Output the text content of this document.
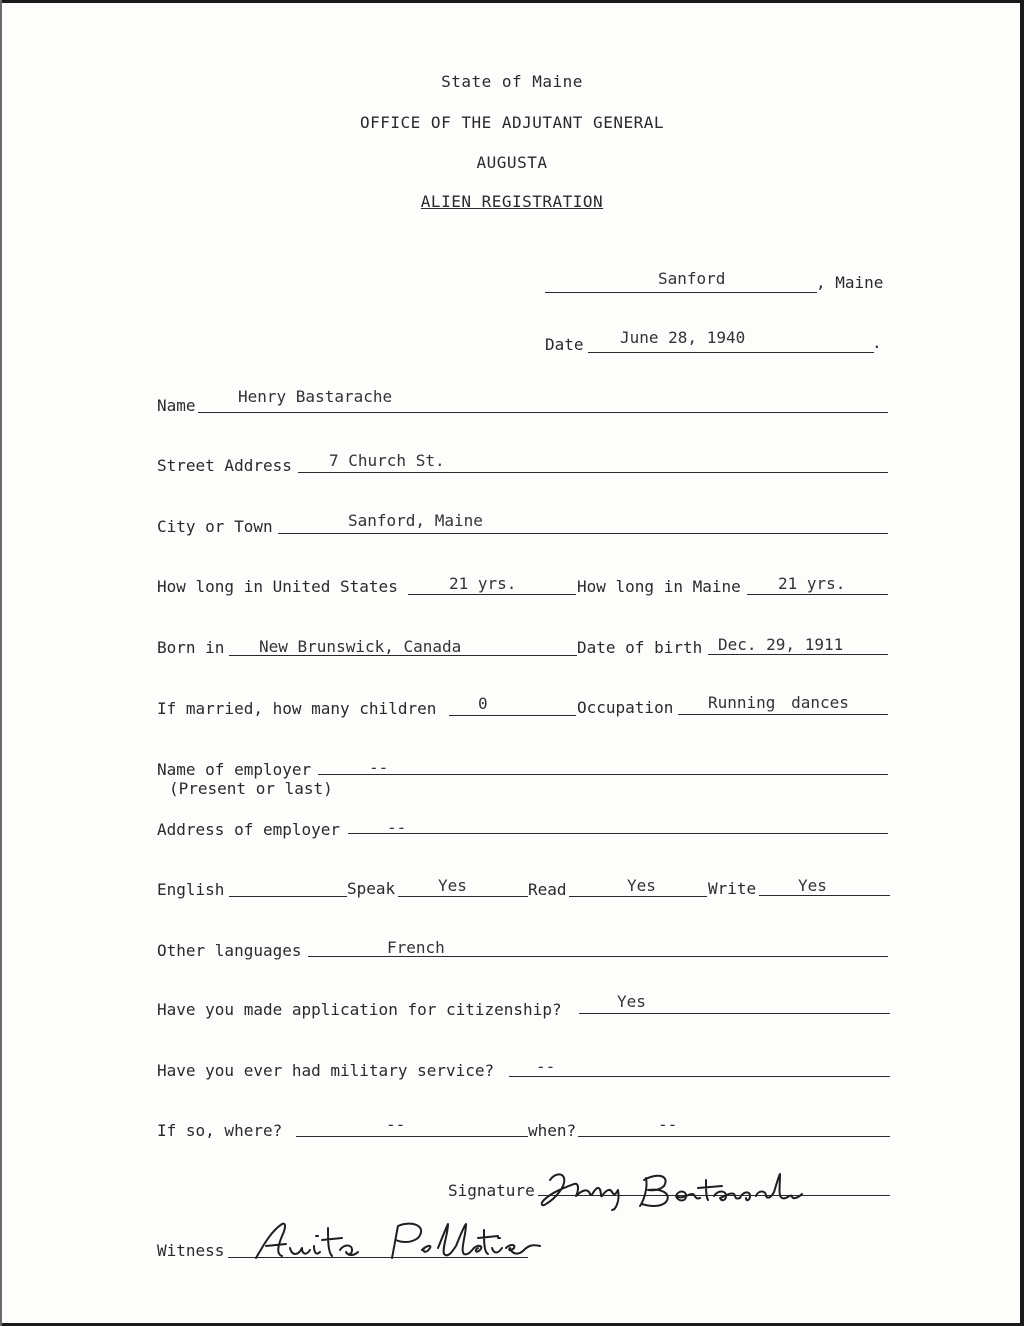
State of Maine
OFFICE OF THE ADJUTANT GENERAL
AUGUSTA
ALIEN REGISTRATION
Sanford	, Maine
Date June 28, 1940	.
Name	Henry Bastarache
Street Address 7 Church St.
City or Town	Sanford, Maine
How long in United States	21 yrs.	How long in Maine 21 yrs.
Born in New Brunswick, Canada	Date of birth Dec. 29, 1911
If married, how many children	0	Occupation Running dances
Name of employer	--
(Present or last)
Address of employer	--
English	Speak	Yes	Read	Yes	Write	Yes
Other languages	French
Have you made application for citizenship?	Yes
Have you ever had military service?	--
If so, where?	--	when?	--
Signature
Witness
